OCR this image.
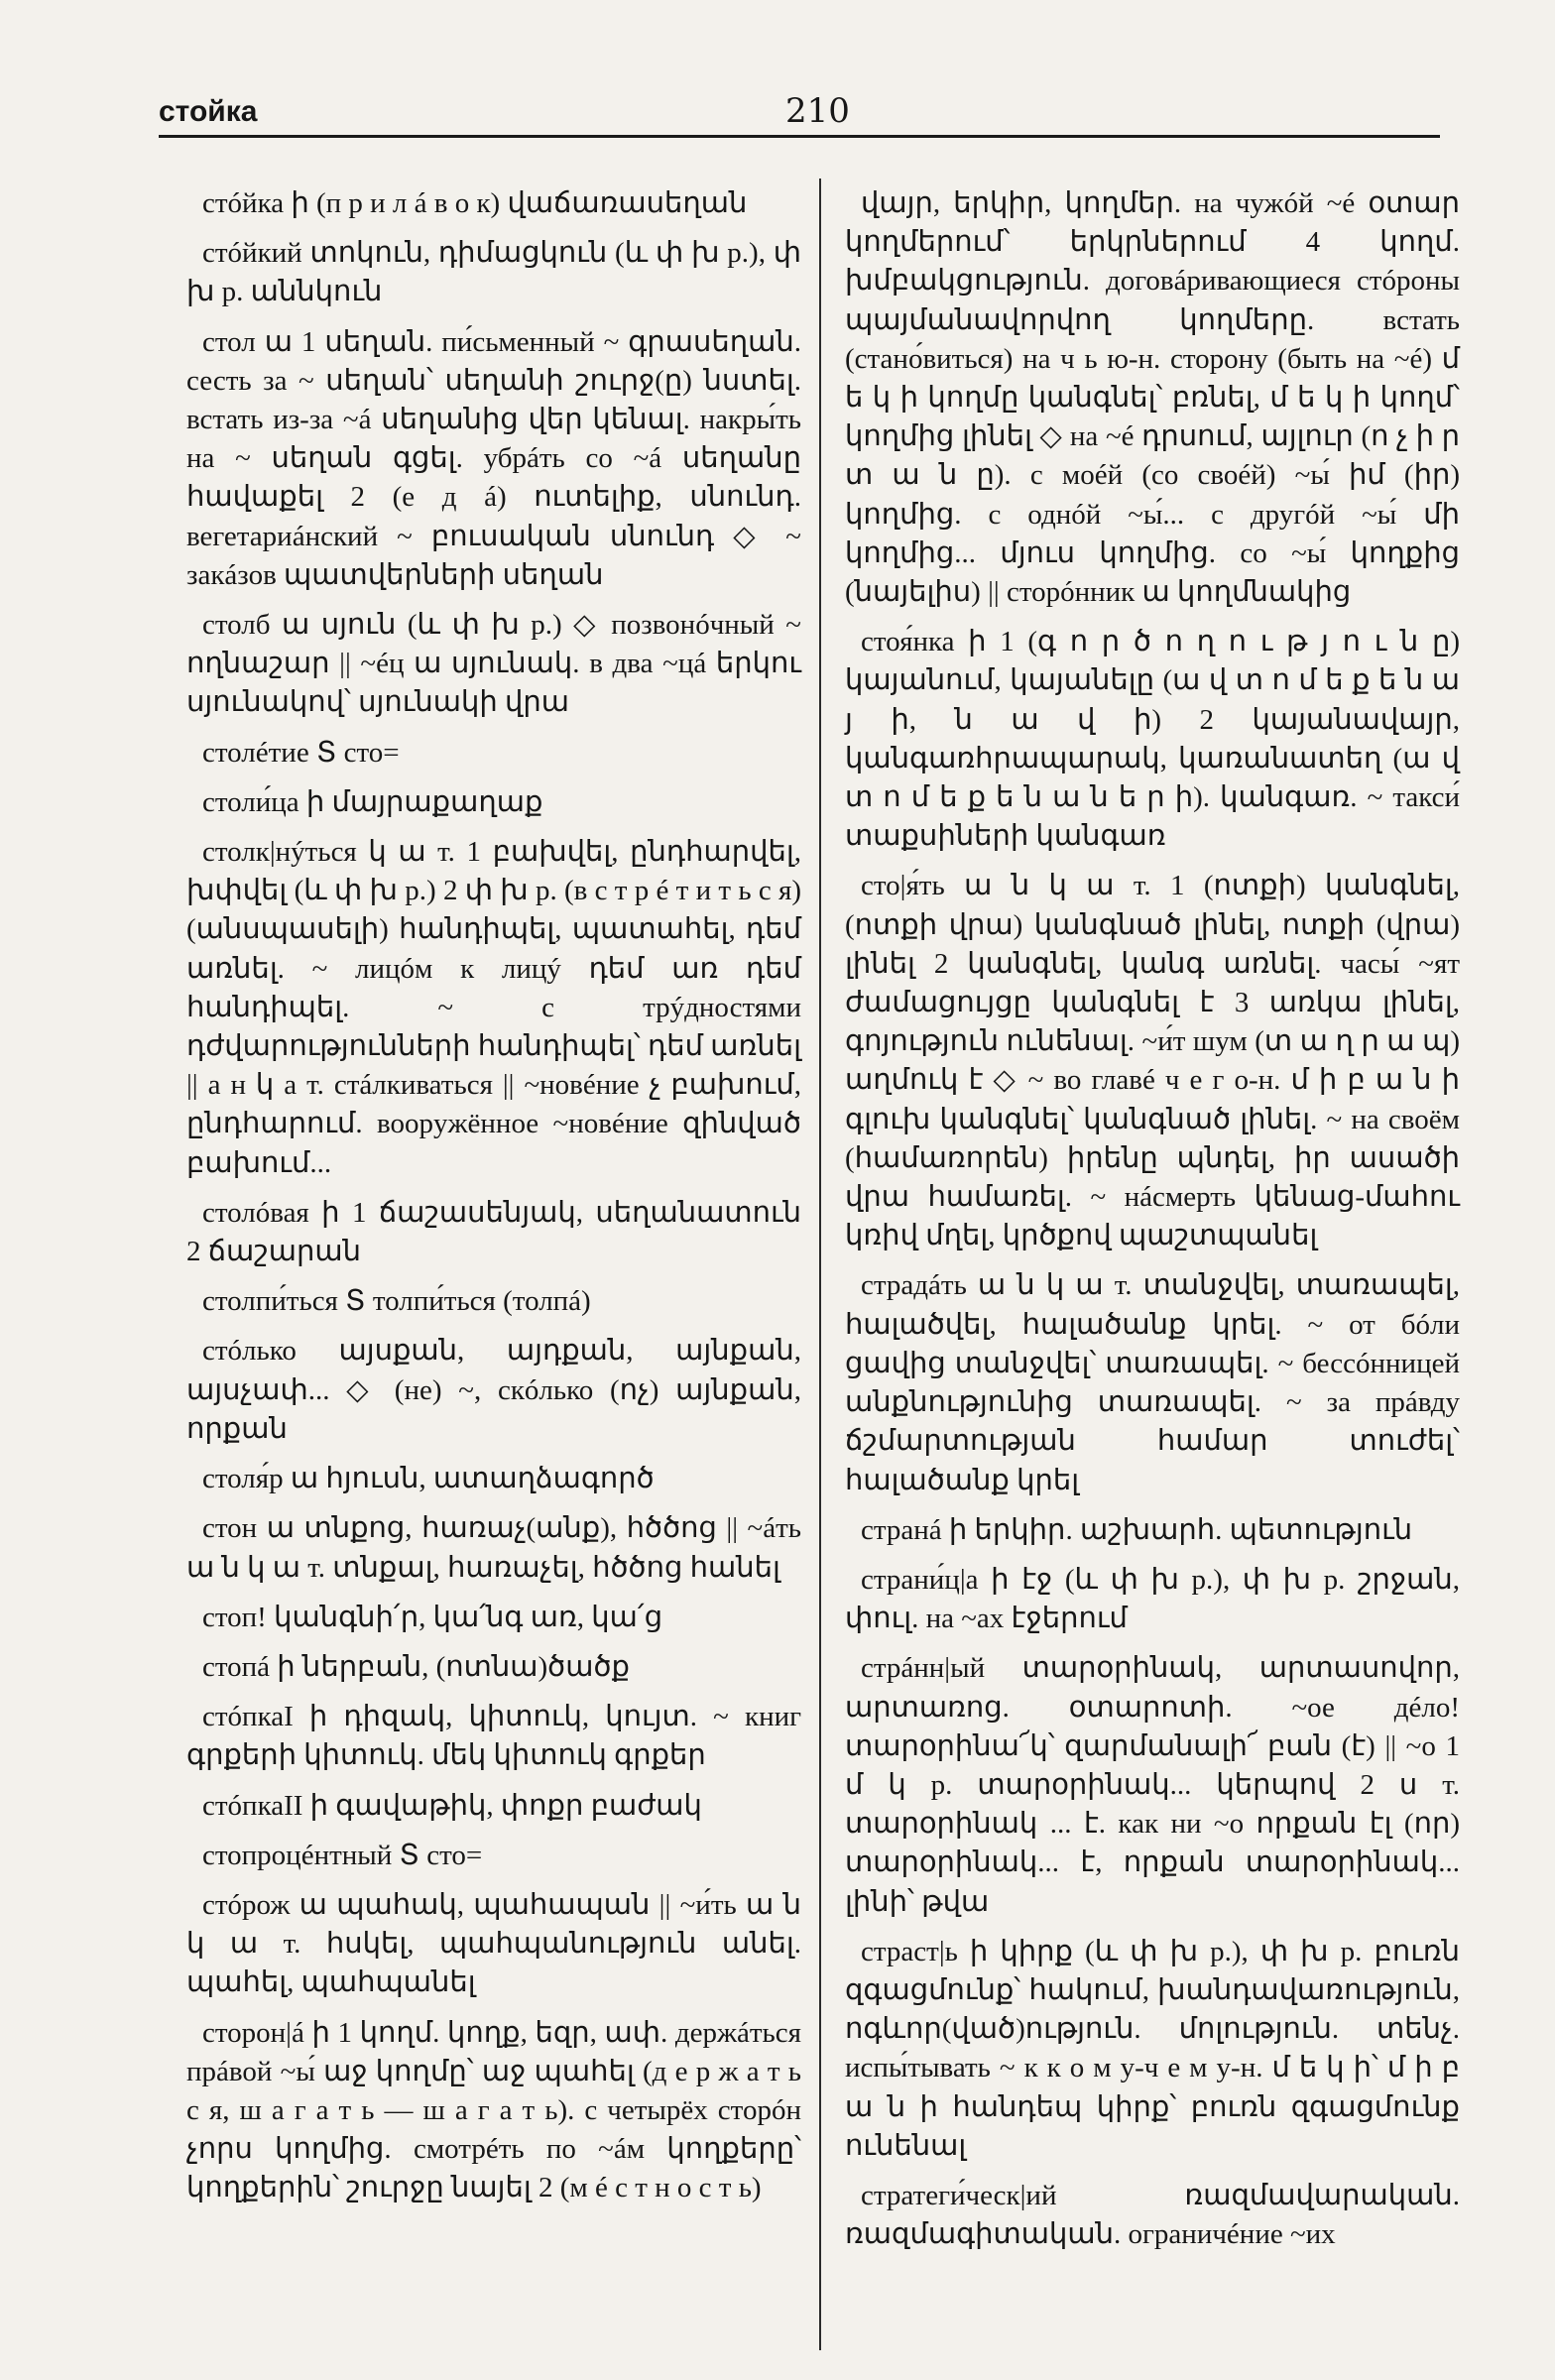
стойка	210

стóйка ի (п р и л á в о к) վաճառասեղան

стóйкий տոկուն, դիմացկուն (և փ խ р.), փ խ р. աննկուն

стол ա 1 սեղան. пи́сьменный ~ գրասեղան. сесть за ~ սեղան՝ սեղանի շուրջ(ը) նստել. встать из-за ~á սեղանից վեր կենալ. накры́ть на ~ սեղան գցել. убрáть со ~á սեղանը հավաքել 2 (е д á) ուտելիք, սնունդ. вегетариáнский ~ բուսական սնունդ ◇ ~ закáзов պատվերների սեղան

столб ա սյուն (և փ խ р.) ◇ позвонóчный ~ ողնաշար || ~éц ա սյունակ. в два ~цá երկու սյունակով՝ սյունակի վրա

столéтие Տ сто=

столи́ца ի մայրաքաղաք

столк|нýться կ ա т. 1 բախվել, ընդհարվել, խփվել (և փ խ р.) 2 փ խ р. (в с т р é т и т ь с я) (անսպասելի) հանդիպել, պատահել, դեմ առնել. ~ лицóм к лицý դեմ առ դեմ հանդիպել. ~ с трýдностями դժվարությունների հանդիպել՝ դեմ առնել || а н կ а т. стáлкиваться || ~новéние չ բախում, ընդհարում. воорyжённое ~новéние զինված բախում...

столóвая ի 1 ճաշասենյակ, սեղանատուն 2 ճաշարան

столпи́ться Տ толпи́ться (толпá)

стóлько այսքան, այդքան, այնքան, այսչափ... ◇ (не) ~, скóлько (ոչ) այնքան, որքան

столя́р ա հյուսն, ատաղձագործ

стон ա տնքոց, հառաչ(անք), հծծոց || ~áть ա ն կ ա т. տնքալ, հառաչել, հծծոց հանել

стоп! կանգնի՛ր, կա՛նգ առ, կա՛ց

стопá ի ներբան, (ոտնա)ծածք

стóпкаI ի դիզակ, կիտուկ, կույտ. ~ книг գրքերի կիտուկ. մեկ կիտուկ գրքեր

стóпкаII ի գավաթիկ, փոքր բաժակ

стопроцéнтный Տ сто=

стóрож ա պահակ, պահապան || ~и́ть ա ն կ ա т. հսկել, պահպանություն անել. պահել, պահպանել

сторон|á ի 1 կողմ. կողք, եզր, ափ. держáться прáвой ~ы́ աջ կողմը՝ աջ պահել (д е р ж а т ь с я, ш а г а т ь — ш а г а т ь). с четырёх сторóн չորս կողմից. смотрéть по ~áм կողքերը՝ կողքերին՝ շուրջը նայել 2 (м é с т н о с т ь)

վայր, երկիր, կողմեր. на чужóй ~é օտար կողմերում՝ երկրներում 4 կողմ. խմբակցություն. договáривающиеся стóроны պայմանավորվող կողմերը. встать (стано́виться) на ч ь ю-н. сторону (быть на ~é) մ ե կ ի կողմը կանգնել՝ բռնել, մ ե կ ի կողմ՝ կողմից լինել ◇ на ~é դրսում, այլուր (ո չ ի ր տ ա ն ը). с моéй (со своéй) ~ы́ իմ (իր) կողմից. с однóй ~ы́... с другóй ~ы́ մի կողմից... մյուս կողմից. со ~ы́ կողքից (նայելիս) || сторóнник ա կողմնակից

стоя́нка ի 1 (գ ո ր ծ ո ղ ո ւ թ յ ո ւ ն ը) կայանում, կայանելը (ա վ տ ո մ ե ք ե ն ա յ ի, ն ա վ ի) 2 կայանավայր, կանգառհրապարակ, կառանատեղ (ա վ տ ո մ ե ք ե ն ա ն ե ր ի). կանգառ. ~ такси́ տաքսիների կանգառ

сто|я́ть ա ն կ ա т. 1 (ոտքի) կանգնել, (ոտքի վրա) կանգնած լինել, ոտքի (վրա) լինել 2 կանգնել, կանգ առնել. часы́ ~ят ժամացույցը կանգնել է 3 առկա լինել, գոյություն ունենալ. ~и́т шум (տ ա ղ ր ա պ) աղմուկ է ◇ ~ во главé ч е г о-н. մ ի բ ա ն ի գլուխ կանգնել՝ կանգնած լինել. ~ на своём (համառորեն) իրենը պնդել, իր ասածի վրա համառել. ~ нáсмерть կենաց-մահու կռիվ մղել, կրծքով պաշտպանել

страдáть ա ն կ ա т. տանջվել, տառապել, հալածվել, հալածանք կրել. ~ от бóли ցավից տանջվել՝ տառապել. ~ бессóнницей անքնությունից տառապել. ~ за прáвду ճշմարտության համար տուժել՝ հալածանք կրել

странá ի երկիր. աշխարհ. պետություն

страни́ц|а ի էջ (և փ խ р.), փ խ р. շրջան, փուլ. на ~ах էջերում

стрáнн|ый տարօրինակ, արտասովոր, արտառոց. օտարոտի. ~ое дéло! տարօրինա՜կ՝ զարմանալի՜ բան (է) || ~о 1 մ կ р. տարօրինակ... կերպով 2 ս т. տարօրինակ ... է. как ни ~о որքան էլ (որ) տարօրինակ... է, որքան տարօրինակ... լինի՝ թվա

страст|ь ի կիրք (և փ խ р.), փ խ р. բուռն զգացմունք՝ հակում, խանդավառություն, ոգևոր(ված)ություն. մոլություն. տենչ. испы́тывать ~ к к о м у-ч е м у-н. մ ե կ ի՝ մ ի բ ա ն ի հանդեպ կիրք՝ բուռն զգացմունք ունենալ

стратеги́ческ|ий ռազմավարական. ռազմագիտական. ограничéние ~их
